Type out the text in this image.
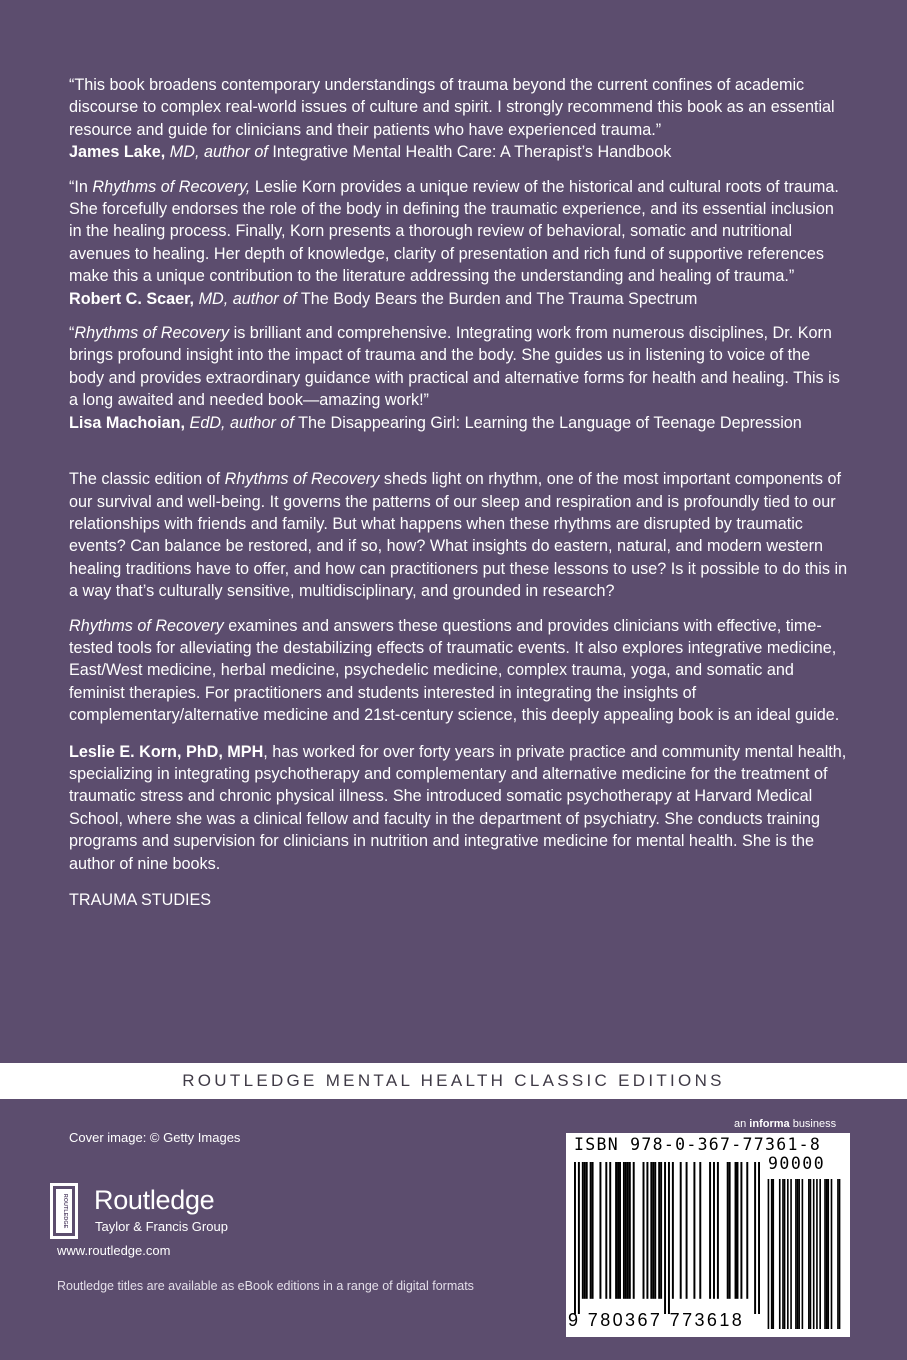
“This book broadens contemporary understandings of trauma beyond the current confines of academic discourse to complex real-world issues of culture and spirit. I strongly recommend this book as an essential resource and guide for clinicians and their patients who have experienced trauma.”

James Lake, MD, author of Integrative Mental Health Care: A Therapist’s Handbook

“In Rhythms of Recovery, Leslie Korn provides a unique review of the historical and cultural roots of trauma. She forcefully endorses the role of the body in defining the traumatic experience, and its essential inclusion in the healing process. Finally, Korn presents a thorough review of behavioral, somatic and nutritional avenues to healing. Her depth of knowledge, clarity of presentation and rich fund of supportive references make this a unique contribution to the literature addressing the understanding and healing of trauma.”

Robert C. Scaer, MD, author of The Body Bears the Burden and The Trauma Spectrum

“Rhythms of Recovery is brilliant and comprehensive. Integrating work from numerous disciplines, Dr. Korn brings profound insight into the impact of trauma and the body. She guides us in listening to voice of the body and provides extraordinary guidance with practical and alternative forms for health and healing. This is a long awaited and needed book—amazing work!”

Lisa Machoian, EdD, author of The Disappearing Girl: Learning the Language of Teenage Depression

The classic edition of Rhythms of Recovery sheds light on rhythm, one of the most important components of our survival and well-being. It governs the patterns of our sleep and respiration and is profoundly tied to our relationships with friends and family. But what happens when these rhythms are disrupted by traumatic events? Can balance be restored, and if so, how? What insights do eastern, natural, and modern western healing traditions have to offer, and how can practitioners put these lessons to use? Is it possible to do this in a way that’s culturally sensitive, multidisciplinary, and grounded in research?

Rhythms of Recovery examines and answers these questions and provides clinicians with effective, time-tested tools for alleviating the destabilizing effects of traumatic events. It also explores integrative medicine, East/West medicine, herbal medicine, psychedelic medicine, complex trauma, yoga, and somatic and feminist therapies. For practitioners and students interested in integrating the insights of complementary/alternative medicine and 21st-century science, this deeply appealing book is an ideal guide.

Leslie E. Korn, PhD, MPH, has worked for over forty years in private practice and community mental health, specializing in integrating psychotherapy and complementary and alternative medicine for the treatment of traumatic stress and chronic physical illness. She introduced somatic psychotherapy at Harvard Medical School, where she was a clinical fellow and faculty in the department of psychiatry. She conducts training programs and supervision for clinicians in nutrition and integrative medicine for mental health. She is the author of nine books.

TRAUMA STUDIES

ROUTLEDGE MENTAL HEALTH CLASSIC EDITIONS
Cover image: © Getty Images
ROUTLEDGE Routledge
Taylor & Francis Group
www.routledge.com
Routledge titles are available as eBook editions in a range of digital formats
an informa business
ISBN 978-0-367-77361-8
90000
9 780367 773618
